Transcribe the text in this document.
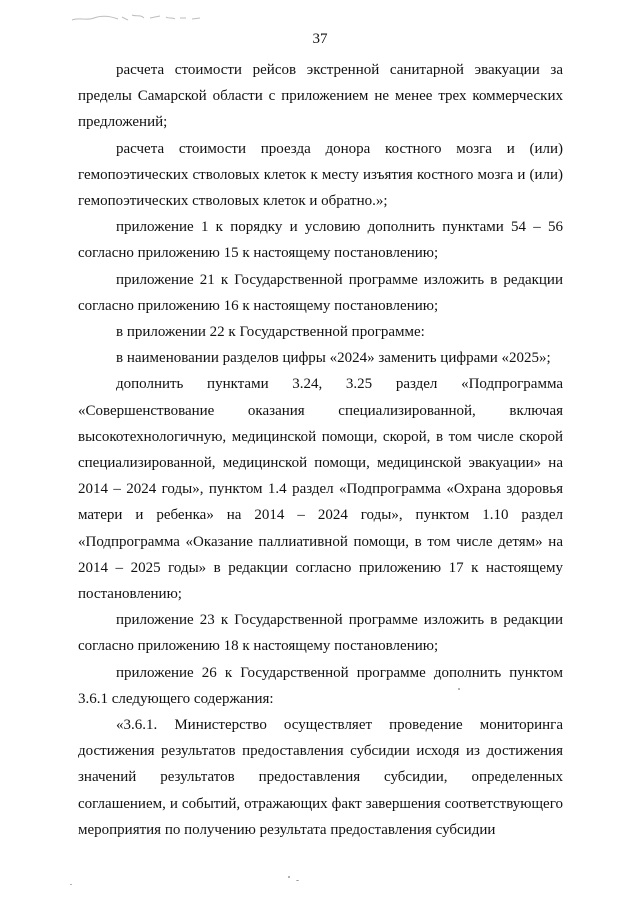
37

расчета стоимости рейсов экстренной санитарной эвакуации за пределы Самарской области с приложением не менее трех коммерческих предложений;

расчета стоимости проезда донора костного мозга и (или) гемопоэтических стволовых клеток к месту изъятия костного мозга и (или) гемопоэтических стволовых клеток и обратно.»;

приложение 1 к порядку и условию дополнить пунктами 54 – 56 согласно приложению 15 к настоящему постановлению;

приложение 21 к Государственной программе изложить в редакции согласно приложению 16 к настоящему постановлению;

в приложении 22 к Государственной программе:

в наименовании разделов цифры «2024» заменить цифрами «2025»;

дополнить пунктами 3.24, 3.25 раздел «Подпрограмма «Совершенствование оказания специализированной, включая высокотехнологичную, медицинской помощи, скорой, в том числе скорой специализированной, медицинской помощи, медицинской эвакуации» на 2014 – 2024 годы», пунктом 1.4 раздел «Подпрограмма «Охрана здоровья матери и ребенка» на 2014 – 2024 годы», пунктом 1.10 раздел «Подпрограмма «Оказание паллиативной помощи, в том числе детям» на 2014 – 2025 годы» в редакции согласно приложению 17 к настоящему постановлению;

приложение 23 к Государственной программе изложить в редакции согласно приложению 18 к настоящему постановлению;

приложение 26 к Государственной программе дополнить пунктом 3.6.1 следующего содержания:

«3.6.1. Министерство осуществляет проведение мониторинга достижения результатов предоставления субсидии исходя из достижения значений результатов предоставления субсидии, определенных соглашением, и событий, отражающих факт завершения соответствующего мероприятия по получению результата предоставления субсидии
